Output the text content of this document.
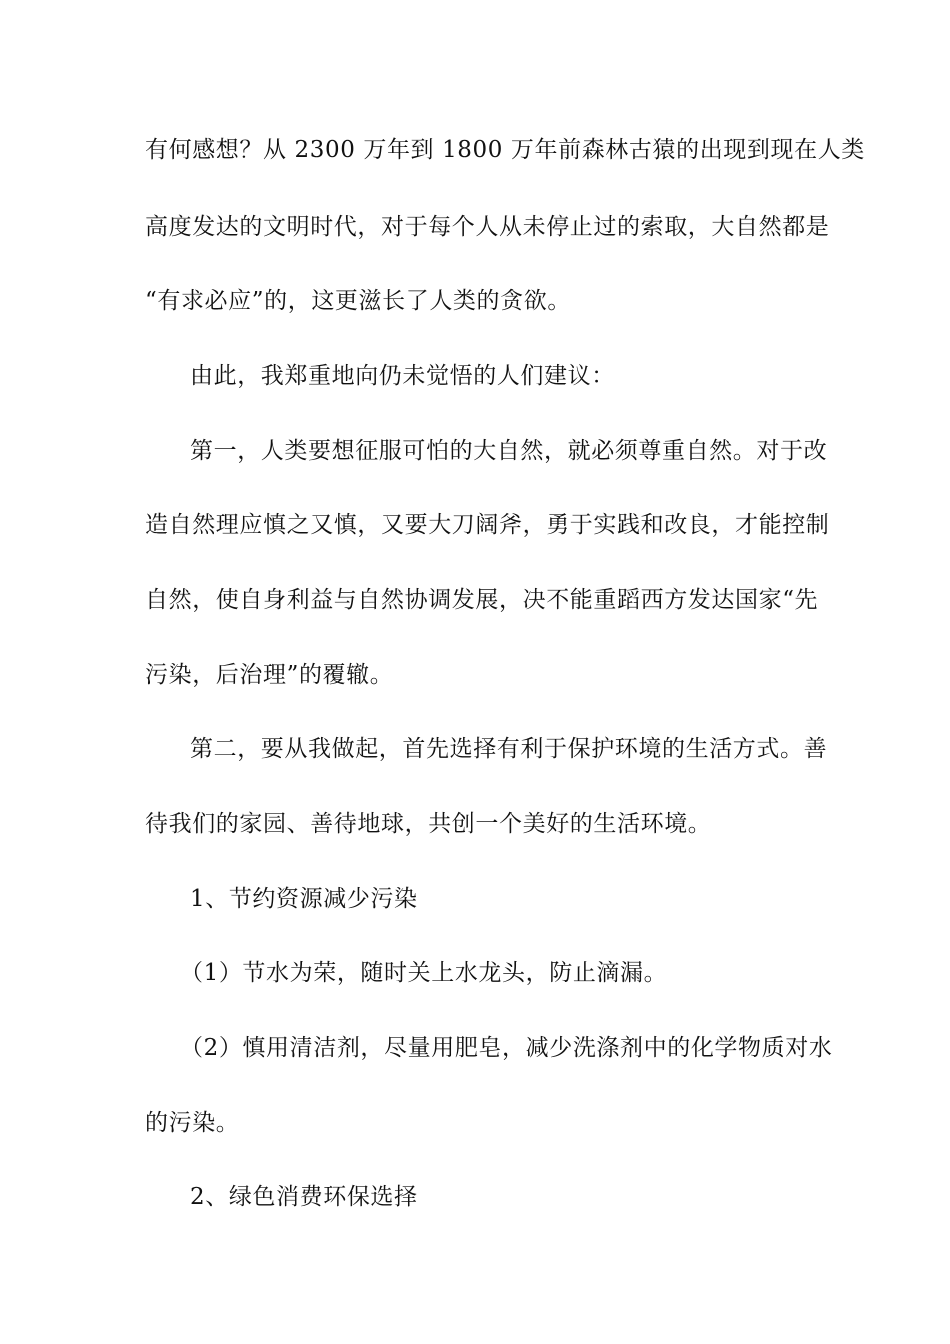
有何感想？从 2300 万年到 1800 万年前森林古猿的出现到现在人类
高度发达的文明时代，对于每个人从未停止过的索取，大自然都是
“有求必应”的，这更滋长了人类的贪欲。
由此，我郑重地向仍未觉悟的人们建议：
第一，人类要想征服可怕的大自然，就必须尊重自然。对于改
造自然理应慎之又慎，又要大刀阔斧，勇于实践和改良，才能控制
自然，使自身利益与自然协调发展，决不能重蹈西方发达国家“先
污染，后治理”的覆辙。
第二，要从我做起，首先选择有利于保护环境的生活方式。善
待我们的家园、善待地球，共创一个美好的生活环境。
1、节约资源减少污染
（1）节水为荣，随时关上水龙头，防止滴漏。
（2）慎用清洁剂，尽量用肥皂，减少洗涤剂中的化学物质对水
的污染。
2、绿色消费环保选择
